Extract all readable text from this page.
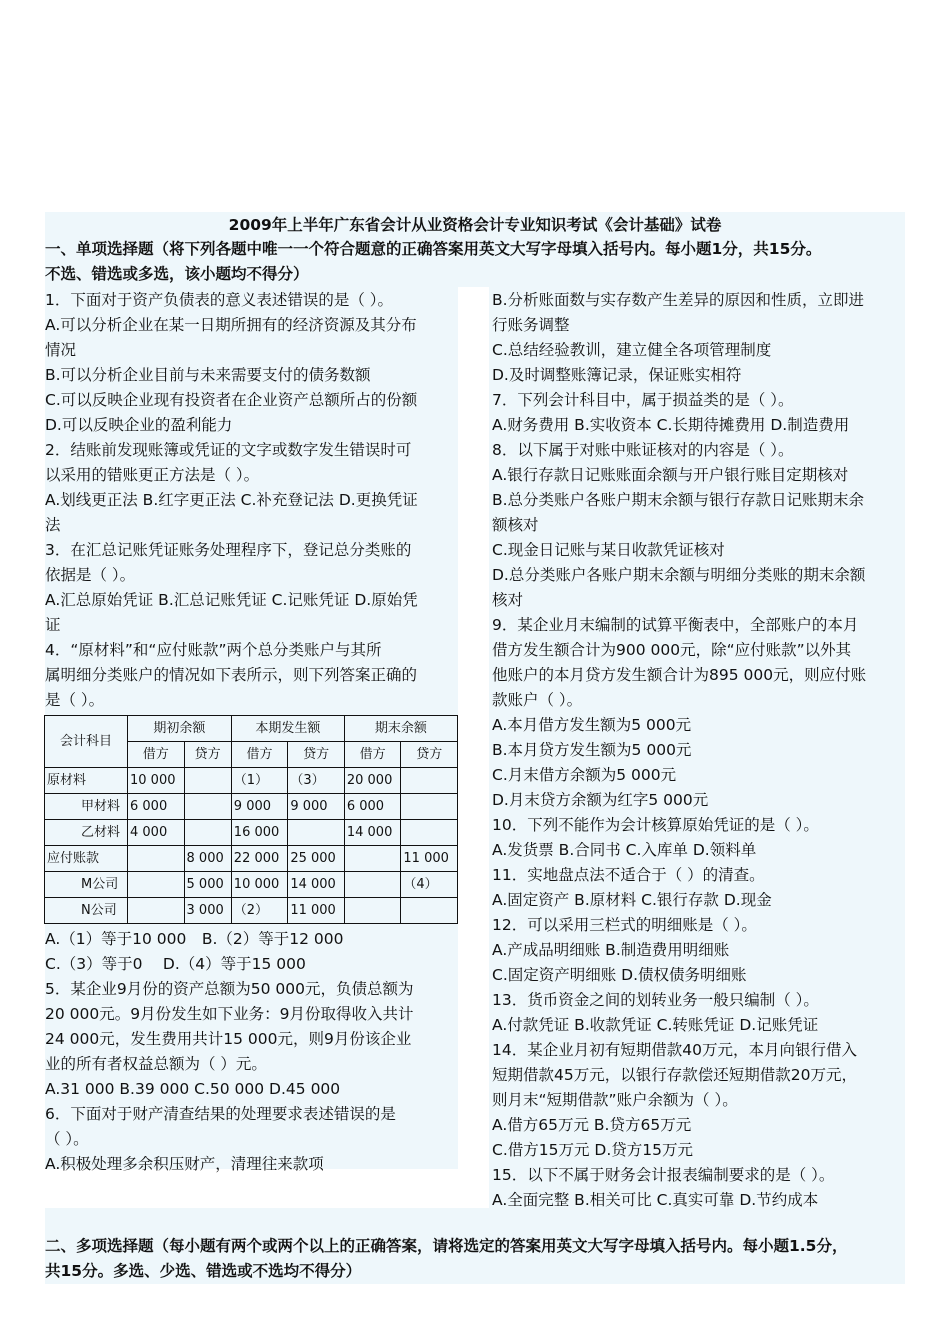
2009年上半年广东省会计从业资格会计专业知识考试《会计基础》试卷
一、单项选择题（将下列各题中唯一一个符合题意的正确答案用英文大写字母填入括号内。每小题1分，共15分。
不选、错选或多选，该小题均不得分）

1．下面对于资产负债表的意义表述错误的是（ ）。

A.可以分析企业在某一日期所拥有的经济资源及其分布

情况

B.可以分析企业目前与未来需要支付的债务数额

C.可以反映企业现有投资者在企业资产总额所占的份额

D.可以反映企业的盈利能力

2．结账前发现账簿或凭证的文字或数字发生错误时可

以采用的错账更正方法是（ ）。

A.划线更正法 B.红字更正法 C.补充登记法 D.更换凭证

法

3．在汇总记账凭证账务处理程序下，登记总分类账的

依据是（ ）。

A.汇总原始凭证 B.汇总记账凭证 C.记账凭证 D.原始凭

证

4．“原材料”和“应付账款”两个总分类账户与其所

属明细分类账户的情况如下表所示，则下列答案正确的

是（ ）。

会计科目	期初余额		本期发生额		期末余额	
	借方	贷方	借方	贷方	借方	贷方
原材料	10 000		（1）	（3）	20 000	
甲材料	6 000		9 000	9 000	6 000	
乙材料	4 000		16 000		14 000	
应付账款		8 000	22 000	25 000		11 000
M公司		5 000	10 000	14 000		（4）
N公司		3 000	（2）	11 000		

A.（1）等于10 000　B.（2）等于12 000

C.（3）等于0　 D.（4）等于15 000

5．某企业9月份的资产总额为50 000元，负债总额为

20 000元。9月份发生如下业务：9月份取得收入共计

24 000元，发生费用共计15 000元，则9月份该企业

业的所有者权益总额为（ ）元。

A.31 000 B.39 000 C.50 000 D.45 000

6．下面对于财产清查结果的处理要求表述错误的是

（ ）。

A.积极处理多余积压财产，清理往来款项

B.分析账面数与实存数产生差异的原因和性质，立即进

行账务调整

C.总结经验教训，建立健全各项管理制度

D.及时调整账簿记录，保证账实相符

7．下列会计科目中，属于损益类的是（ ）。

A.财务费用 B.实收资本 C.长期待摊费用 D.制造费用

8．以下属于对账中账证核对的内容是（ ）。

A.银行存款日记账账面余额与开户银行账目定期核对

B.总分类账户各账户期末余额与银行存款日记账期末余

额核对

C.现金日记账与某日收款凭证核对

D.总分类账户各账户期末余额与明细分类账的期末余额

核对

9．某企业月末编制的试算平衡表中，全部账户的本月

借方发生额合计为900 000元，除“应付账款”以外其

他账户的本月贷方发生额合计为895 000元，则应付账

款账户（ ）。

A.本月借方发生额为5 000元

B.本月贷方发生额为5 000元

C.月末借方余额为5 000元

D.月末贷方余额为红字5 000元

10．下列不能作为会计核算原始凭证的是（ ）。

A.发货票 B.合同书 C.入库单 D.领料单

11．实地盘点法不适合于（ ）的清查。

A.固定资产 B.原材料 C.银行存款 D.现金

12．可以采用三栏式的明细账是（ ）。

A.产成品明细账 B.制造费用明细账

C.固定资产明细账 D.债权债务明细账

13．货币资金之间的划转业务一般只编制（ ）。

A.付款凭证 B.收款凭证 C.转账凭证 D.记账凭证

14．某企业月初有短期借款40万元，本月向银行借入

短期借款45万元，以银行存款偿还短期借款20万元，

则月末“短期借款”账户余额为（ ）。

A.借方65万元 B.贷方65万元

C.借方15万元 D.贷方15万元

15．以下不属于财务会计报表编制要求的是（ ）。

A.全面完整 B.相关可比 C.真实可靠 D.节约成本

二、多项选择题（每小题有两个或两个以上的正确答案，请将选定的答案用英文大写字母填入括号内。每小题1.5分，
共15分。多选、少选、错选或不选均不得分）
